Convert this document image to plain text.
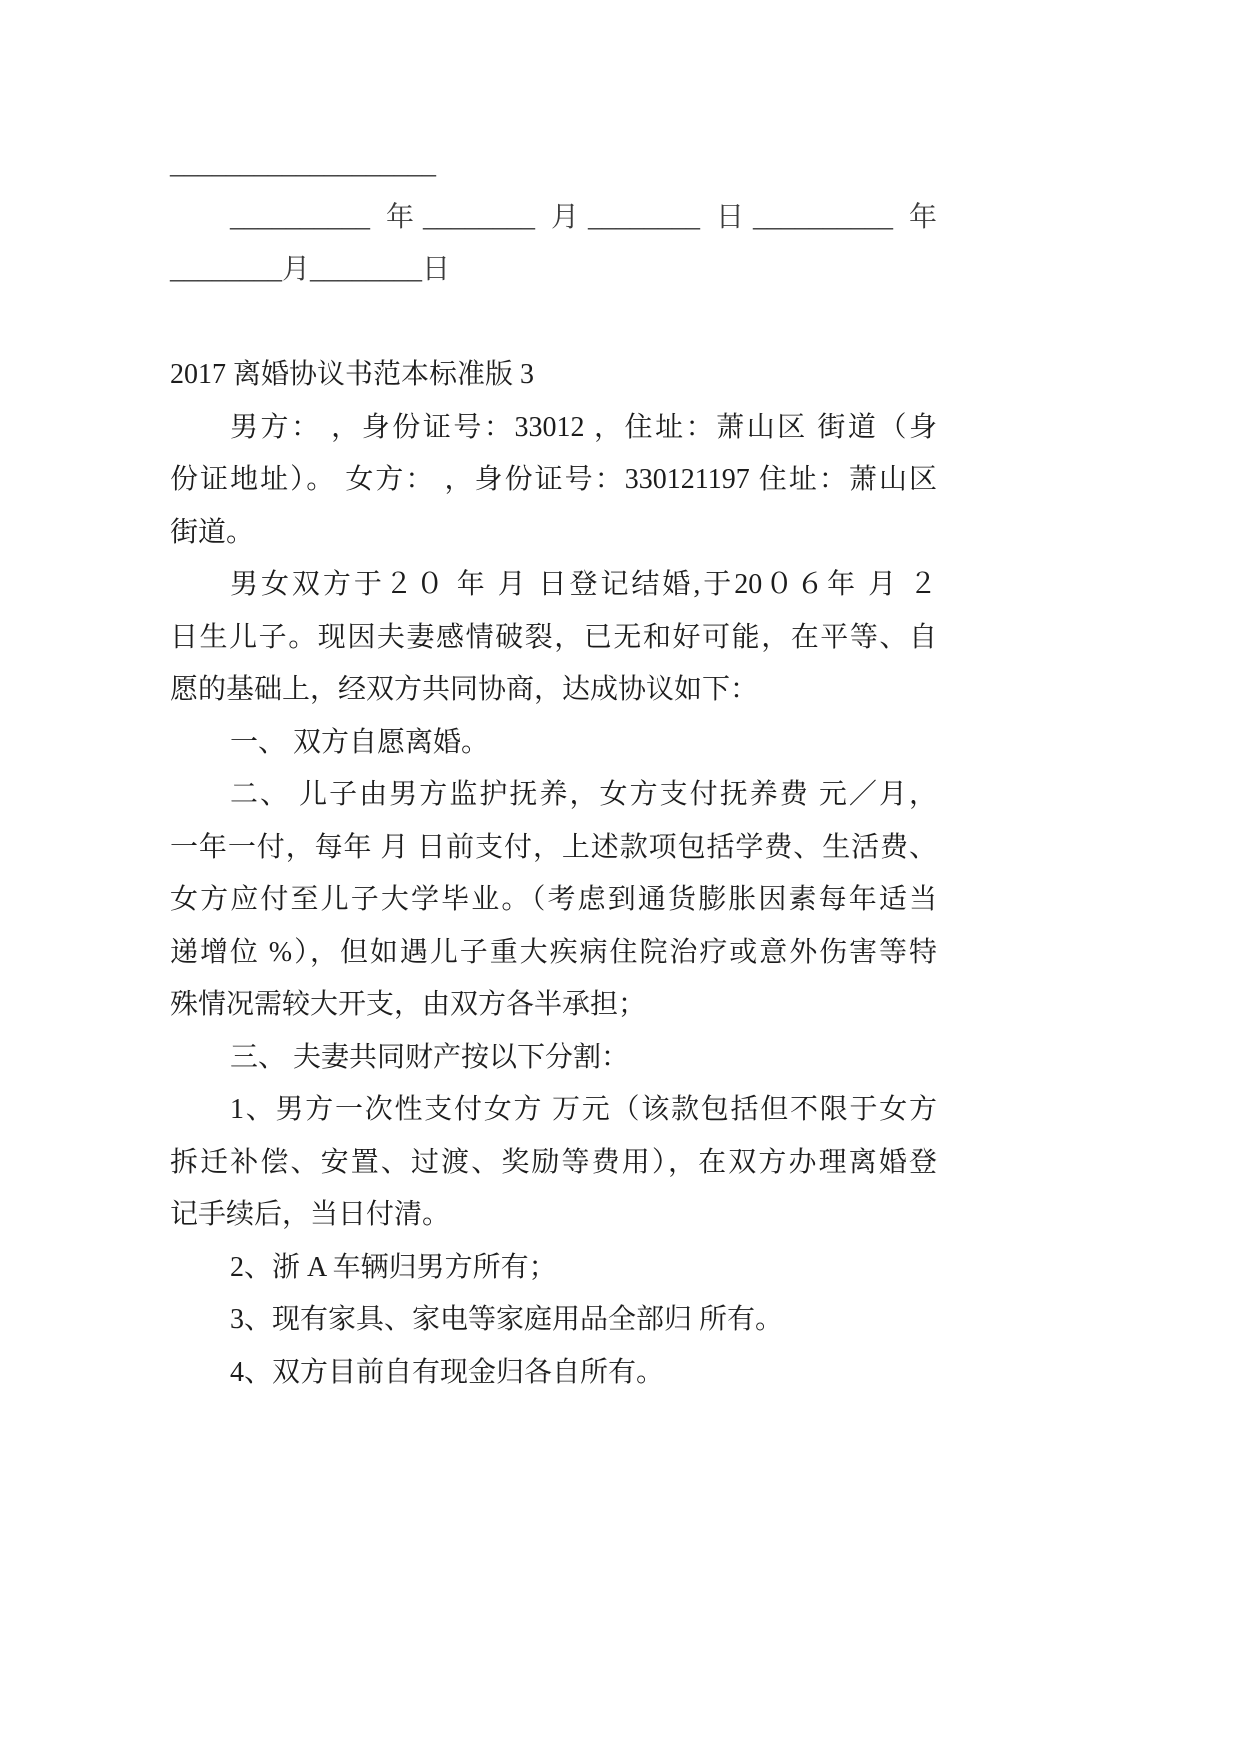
___________________
__________ 年________ 月________ 日__________ 年
________月________日
2017 离婚协议书范本标准版 3
男方： ，身份证号：33012 ，住址：萧山区 街道（身
份证地址）。 女方： ，身份证号：330121197 住址：萧山区
街道。
男女双方于２０ 年 月 日登记结婚,于20０６年 月 ２
日生儿子。现因夫妻感情破裂，已无和好可能，在平等、自
愿的基础上，经双方共同协商，达成协议如下：
一、 双方自愿离婚。
二、 儿子由男方监护抚养，女方支付抚养费 元／月，
一年一付，每年 月 日前支付，上述款项包括学费、生活费、
女方应付至儿子大学毕业。（考虑到通货膨胀因素每年适当
递增位 %），但如遇儿子重大疾病住院治疗或意外伤害等特
殊情况需较大开支，由双方各半承担；
三、 夫妻共同财产按以下分割：
1、男方一次性支付女方 万元（该款包括但不限于女方
拆迁补偿、安置、过渡、奖励等费用），在双方办理离婚登
记手续后，当日付清。
2、浙 A 车辆归男方所有；
3、现有家具、家电等家庭用品全部归 所有。
4、双方目前自有现金归各自所有。
